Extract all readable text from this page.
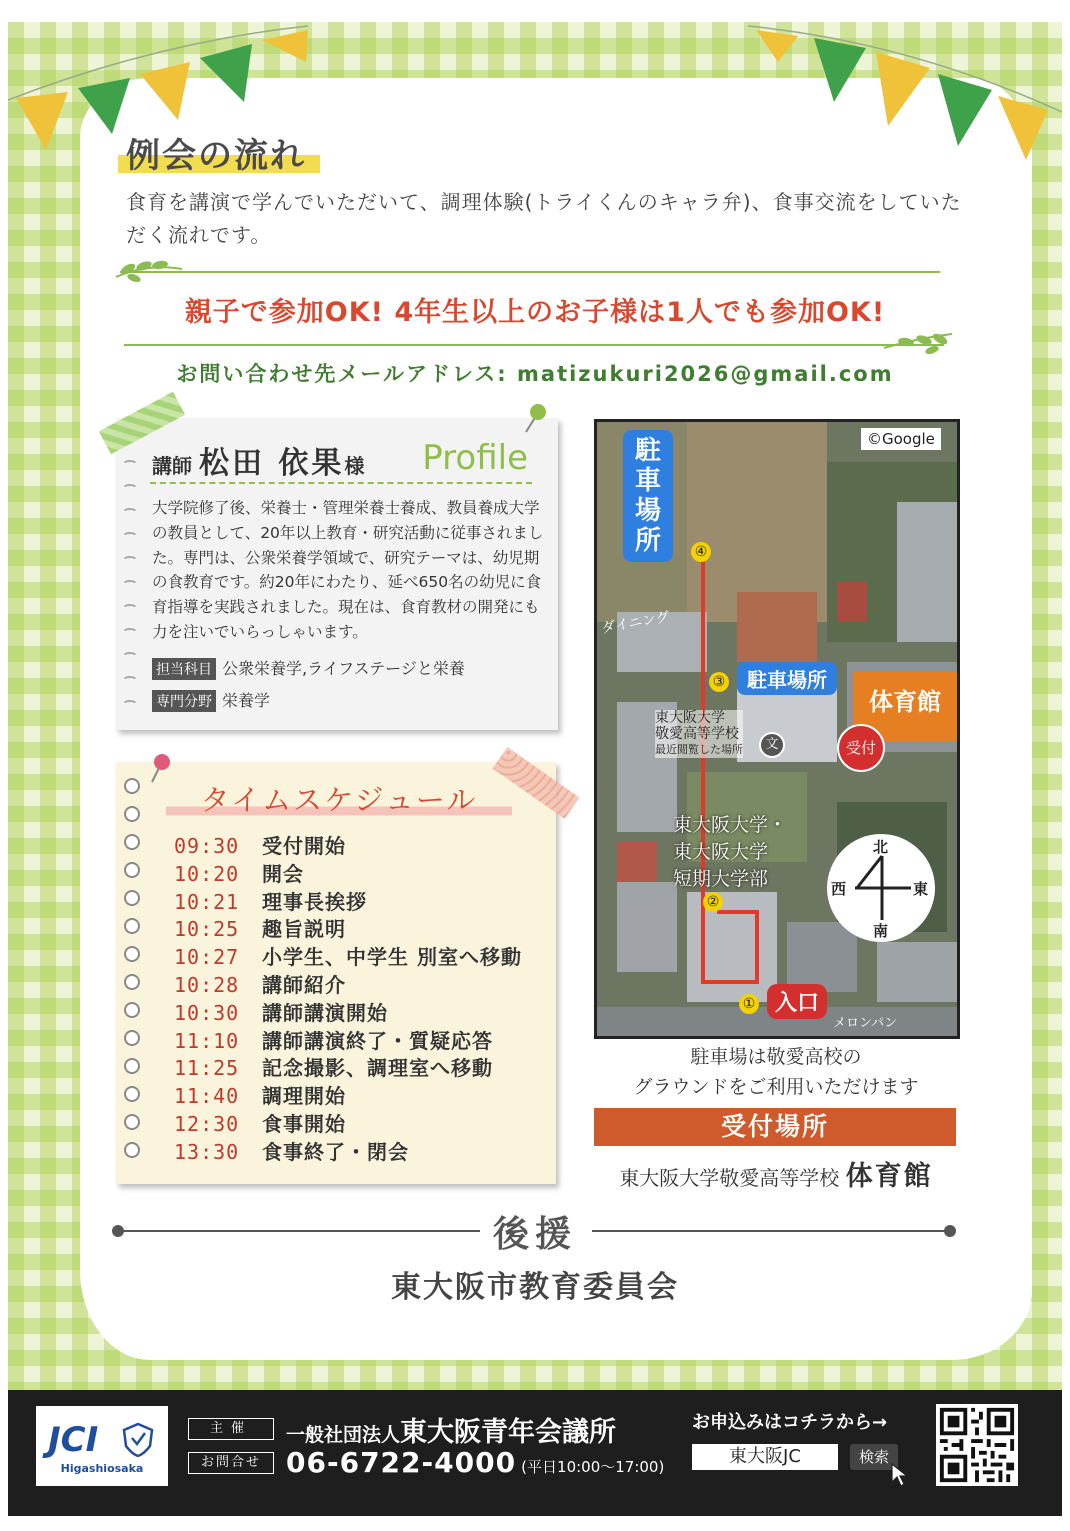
例会の流れ
食育を講演で学んでいただいて、調理体験(トライくんのキャラ弁)、食事交流をしていただく流れです。
親子で参加OK! 4年生以上のお子様は1人でも参加OK!
お問い合わせ先メールアドレス: matizukuri2026@gmail.com
講師 松田 依果様 Profile
大学院修了後、栄養士・管理栄養士養成、教員養成大学の教員として、20年以上教育・研究活動に従事されました。専門は、公衆栄養学領域で、研究テーマは、幼児期の食教育です。約20年にわたり、延べ650名の幼児に食育指導を実践されました。現在は、食育教材の開発にも力を注いでいらっしゃいます。
担当科目 公衆栄養学,ライフステージと栄養
専門分野 栄養学
タイムスケジュール
09:30 受付開始
10:20 開会
10:21 理事長挨拶
10:25 趣旨説明
10:27 小学生、中学生 別室へ移動
10:28 講師紹介
10:30 講師講演開始
11:10 講師講演終了・質疑応答
11:25 記念撮影、調理室へ移動
11:40 調理開始
12:30 食事開始
13:30 食事終了・閉会
©Google
駐車場所
駐車場所
体育館
受付
入口
④
③
②
①
ダイニング
東大阪大学
敬愛高等学校
最近閲覧した場所	文
東大阪大学・
東大阪大学
短期大学部
メロンパン
北
南
西	東
駐車場は敬愛高校の
グラウンドをご利用いただけます
受付場所
東大阪大学敬愛高等学校 体育館
後援
東大阪市教育委員会
JCI
Higashiosaka
主催
お問合せ
一般社団法人東大阪青年会議所
06-6722-4000 (平日10:00〜17:00)
お申込みはコチラから→
東大阪JC	検索
